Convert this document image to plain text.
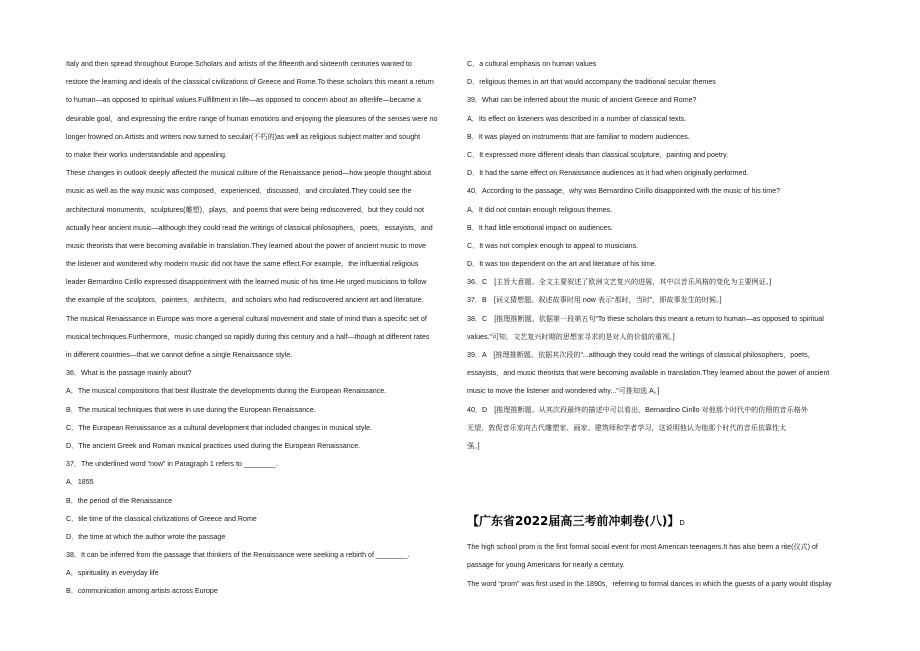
Italy and then spread throughout Europe.Scholars and artists of the fifteenth and sixteenth centuries wanted to
restore the learning and ideals of the classical civilizations of Greece and Rome.To these scholars this meant a return
to human—as opposed to spiritual values.Fulfillment in life—as opposed to concern about an afterlife—became a
desirable goal，and expressing the entire range of human emotions and enjoying the pleasures of the senses were no
longer frowned on.Artists and writers now turned to secular(不朽的)as well as religious subject matter and sought
to make their works understandable and appealing.
These changes in outlook deeply affected the musical culture of the Renaissance period—how people thought about
music as well as the way music was composed，experienced，discussed，and circulated.They could see the
architectural monuments，sculptures(雕塑)，plays，and poems that were being rediscovered，but they could not
actually hear ancient music—although they could read the writings of classical philosophers，poets，essayists，and
music theorists that were becoming available in translation.They learned about the power of ancient music to move
the listener and wondered why modern music did not have the same effect.For example，the influential religious
leader Bernardino Cirillo expressed disappointment with the learned music of his time.He urged musicians to follow
the example of the sculptors，painters，architects，and scholars who had rediscovered ancient art and literature.
The musical Renaissance in Europe was more a general cultural movement and state of mind than a specific set of
musical techniques.Furthermore，music changed so rapidly during this century and a half—though at different rates
in different countries—that we cannot define a single Renaissance style.
36．What is the passage mainly about?
A．The musical compositions that best illustrate the developments during the European Renaissance.
B．The musical techniques that were in use during the European Renaissance.
C．The European Renaissance as a cultural development that included changes in musical style.
D．The ancient Greek and Roman musical practices used during the European Renaissance.
37．The underlined word “now” in Paragraph 1 refers to ________.
A．1855
B．the period of the Renaissance
C．tile time of the classical civilizations of Greece and Rome
D．the time at which the author wrote the passage
38．It can be inferred from the passage that thinkers of the Renaissance were seeking a rebirth of ________.
A．spirituality in everyday life
B．communication among artists across Europe
C．a cultural emphasis on human values
D．religious themes in art that would accompany the traditional secular themes
39．What can be inferred about the music of ancient Greece and Rome?
A．Its effect on listeners was described in a number of classical texts.
B．It was played on instruments that are familiar to modern audiences.
C．It expressed more different ideals than classical sculpture，painting and poetry.
D．It had the same effect on Renaissance audiences as it had when originally performed.
40．According to the passage，why was Bernardino Cirillo disappointed with the music of his time?
A．It did not contain enough religious themes.
B．It had little emotional impact on audiences.
C．It was not complex enough to appeal to musicians.
D．It was too dependent on the art and literature of his time.
36．C　[主旨大意题。全文主要叙述了欧洲文艺复兴的进展，其中以音乐风格的变化为主要例证。]
37．B　[词义猜想题。叙述故事时用 now 表示“那时，当时”，即故事发生的时候。]
38．C　[推理推断题。依据第一段第五句“To these scholars this meant a return to human—as opposed to spiritual
values.”可知，文艺复兴时期的思想家寻求的是对人的价值的重视。]
39．A　[推理推断题。依据其次段的“...although they could read the writings of classical philosophers，poets，
essayists，and music theorists that were becoming available in translation.They learned about the power of ancient
music to move the listener and wondered why...”可推知选 A。]
40．D　[推理推断题。从其次段最终的描述中可以看出，Bernardino Cirillo 对他那个时代中的仿照的音乐格外
无望，敦促音乐家向古代雕塑家、画家、建筑师和学者学习，这说明他认为他那个时代的音乐依靠性太
强。]
【广东省2022届高三考前冲刺卷(八)】D
The high school prom is the first formal social event for most American teenagers.It has also been a rite(仪式) of
passage for young Americans for nearly a century.
The word “prom” was first used in the 1890s，referring to formal dances in which the guests of a party would display
